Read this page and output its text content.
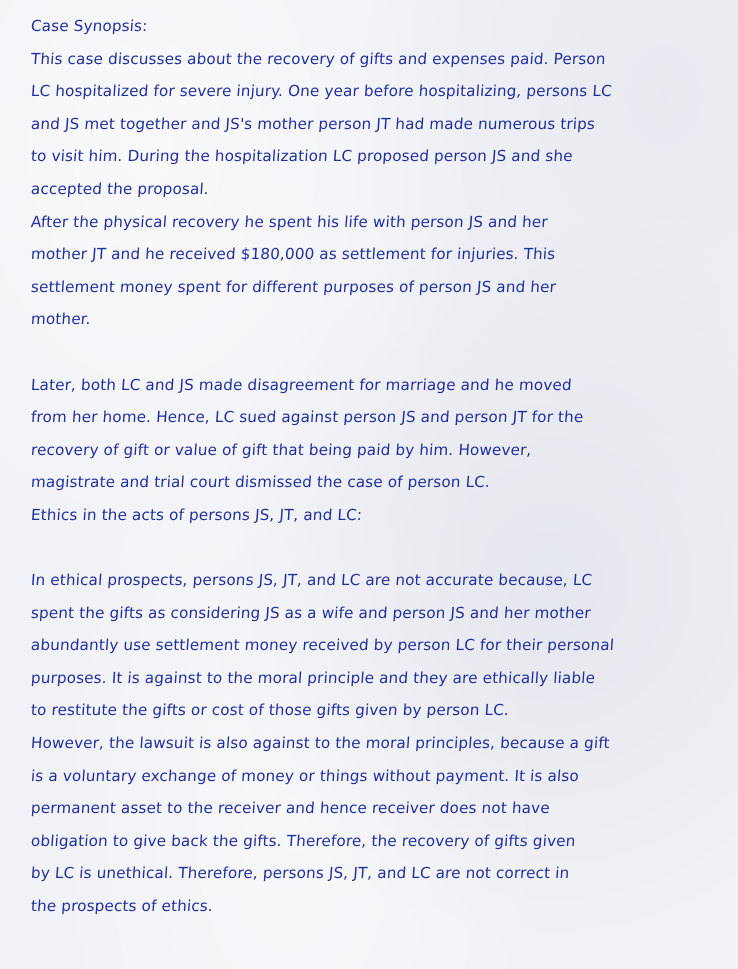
Case Synopsis:
This case discusses about the recovery of gifts and expenses paid. Person
LC hospitalized for severe injury. One year before hospitalizing, persons LC
and JS met together and JS's mother person JT had made numerous trips
to visit him. During the hospitalization LC proposed person JS and she
accepted the proposal.
After the physical recovery he spent his life with person JS and her
mother JT and he received $180,000 as settlement for injuries. This
settlement money spent for different purposes of person JS and her
mother.
Later, both LC and JS made disagreement for marriage and he moved
from her home. Hence, LC sued against person JS and person JT for the
recovery of gift or value of gift that being paid by him. However,
magistrate and trial court dismissed the case of person LC.
Ethics in the acts of persons JS, JT, and LC:
In ethical prospects, persons JS, JT, and LC are not accurate because, LC
spent the gifts as considering JS as a wife and person JS and her mother
abundantly use settlement money received by person LC for their personal
purposes. It is against to the moral principle and they are ethically liable
to restitute the gifts or cost of those gifts given by person LC.
However, the lawsuit is also against to the moral principles, because a gift
is a voluntary exchange of money or things without payment. It is also
permanent asset to the receiver and hence receiver does not have
obligation to give back the gifts. Therefore, the recovery of gifts given
by LC is unethical. Therefore, persons JS, JT, and LC are not correct in
the prospects of ethics.
